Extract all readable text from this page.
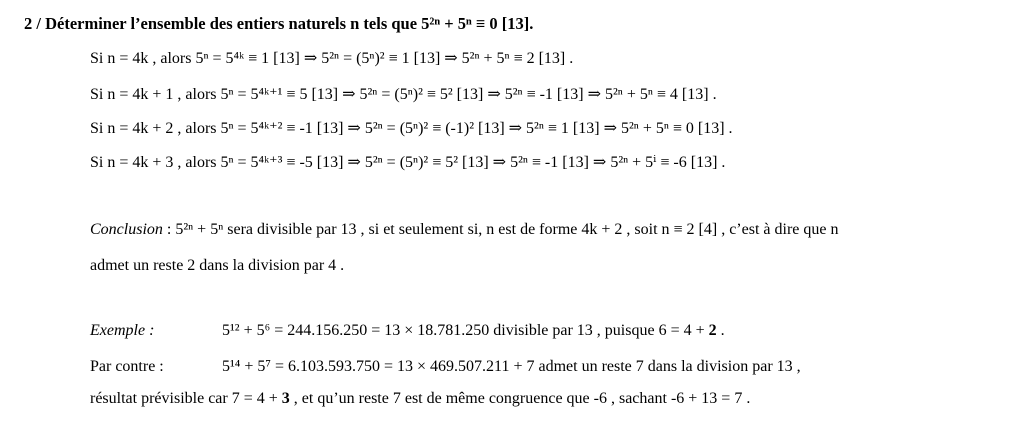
2 / Déterminer l’ensemble des entiers naturels n tels que 5²ⁿ + 5ⁿ ≡ 0 [13].
Si n = 4k , alors 5ⁿ = 5⁴ᵏ ≡ 1 [13] ⇒ 5²ⁿ = (5ⁿ)² ≡ 1 [13] ⇒ 5²ⁿ + 5ⁿ ≡ 2 [13] .
Si n = 4k + 1 , alors 5ⁿ = 5⁴ᵏ⁺¹ ≡ 5 [13] ⇒ 5²ⁿ = (5ⁿ)² ≡ 5² [13] ⇒ 5²ⁿ ≡ -1 [13] ⇒ 5²ⁿ + 5ⁿ ≡ 4 [13] .
Si n = 4k + 2 , alors 5ⁿ = 5⁴ᵏ⁺² ≡ -1 [13] ⇒ 5²ⁿ = (5ⁿ)² ≡ (-1)² [13] ⇒ 5²ⁿ ≡ 1 [13] ⇒ 5²ⁿ + 5ⁿ ≡ 0 [13] .
Si n = 4k + 3 , alors 5ⁿ = 5⁴ᵏ⁺³ ≡ -5 [13] ⇒ 5²ⁿ = (5ⁿ)² ≡ 5² [13] ⇒ 5²ⁿ ≡ -1 [13] ⇒ 5²ⁿ + 5ⁱ ≡ -6 [13] .
Conclusion : 5²ⁿ + 5ⁿ sera divisible par 13 , si et seulement si, n est de forme 4k + 2 , soit n ≡ 2 [4] , c’est à dire que n
admet un reste 2 dans la division par 4 .
Exemple :	5¹² + 5⁶ = 244.156.250 = 13 × 18.781.250 divisible par 13 , puisque 6 = 4 + 2 .
Par contre :	5¹⁴ + 5⁷ = 6.103.593.750 = 13 × 469.507.211 + 7 admet un reste 7 dans la division par 13 ,
résultat prévisible car 7 = 4 + 3 , et qu’un reste 7 est de même congruence que -6 , sachant -6 + 13 = 7 .
